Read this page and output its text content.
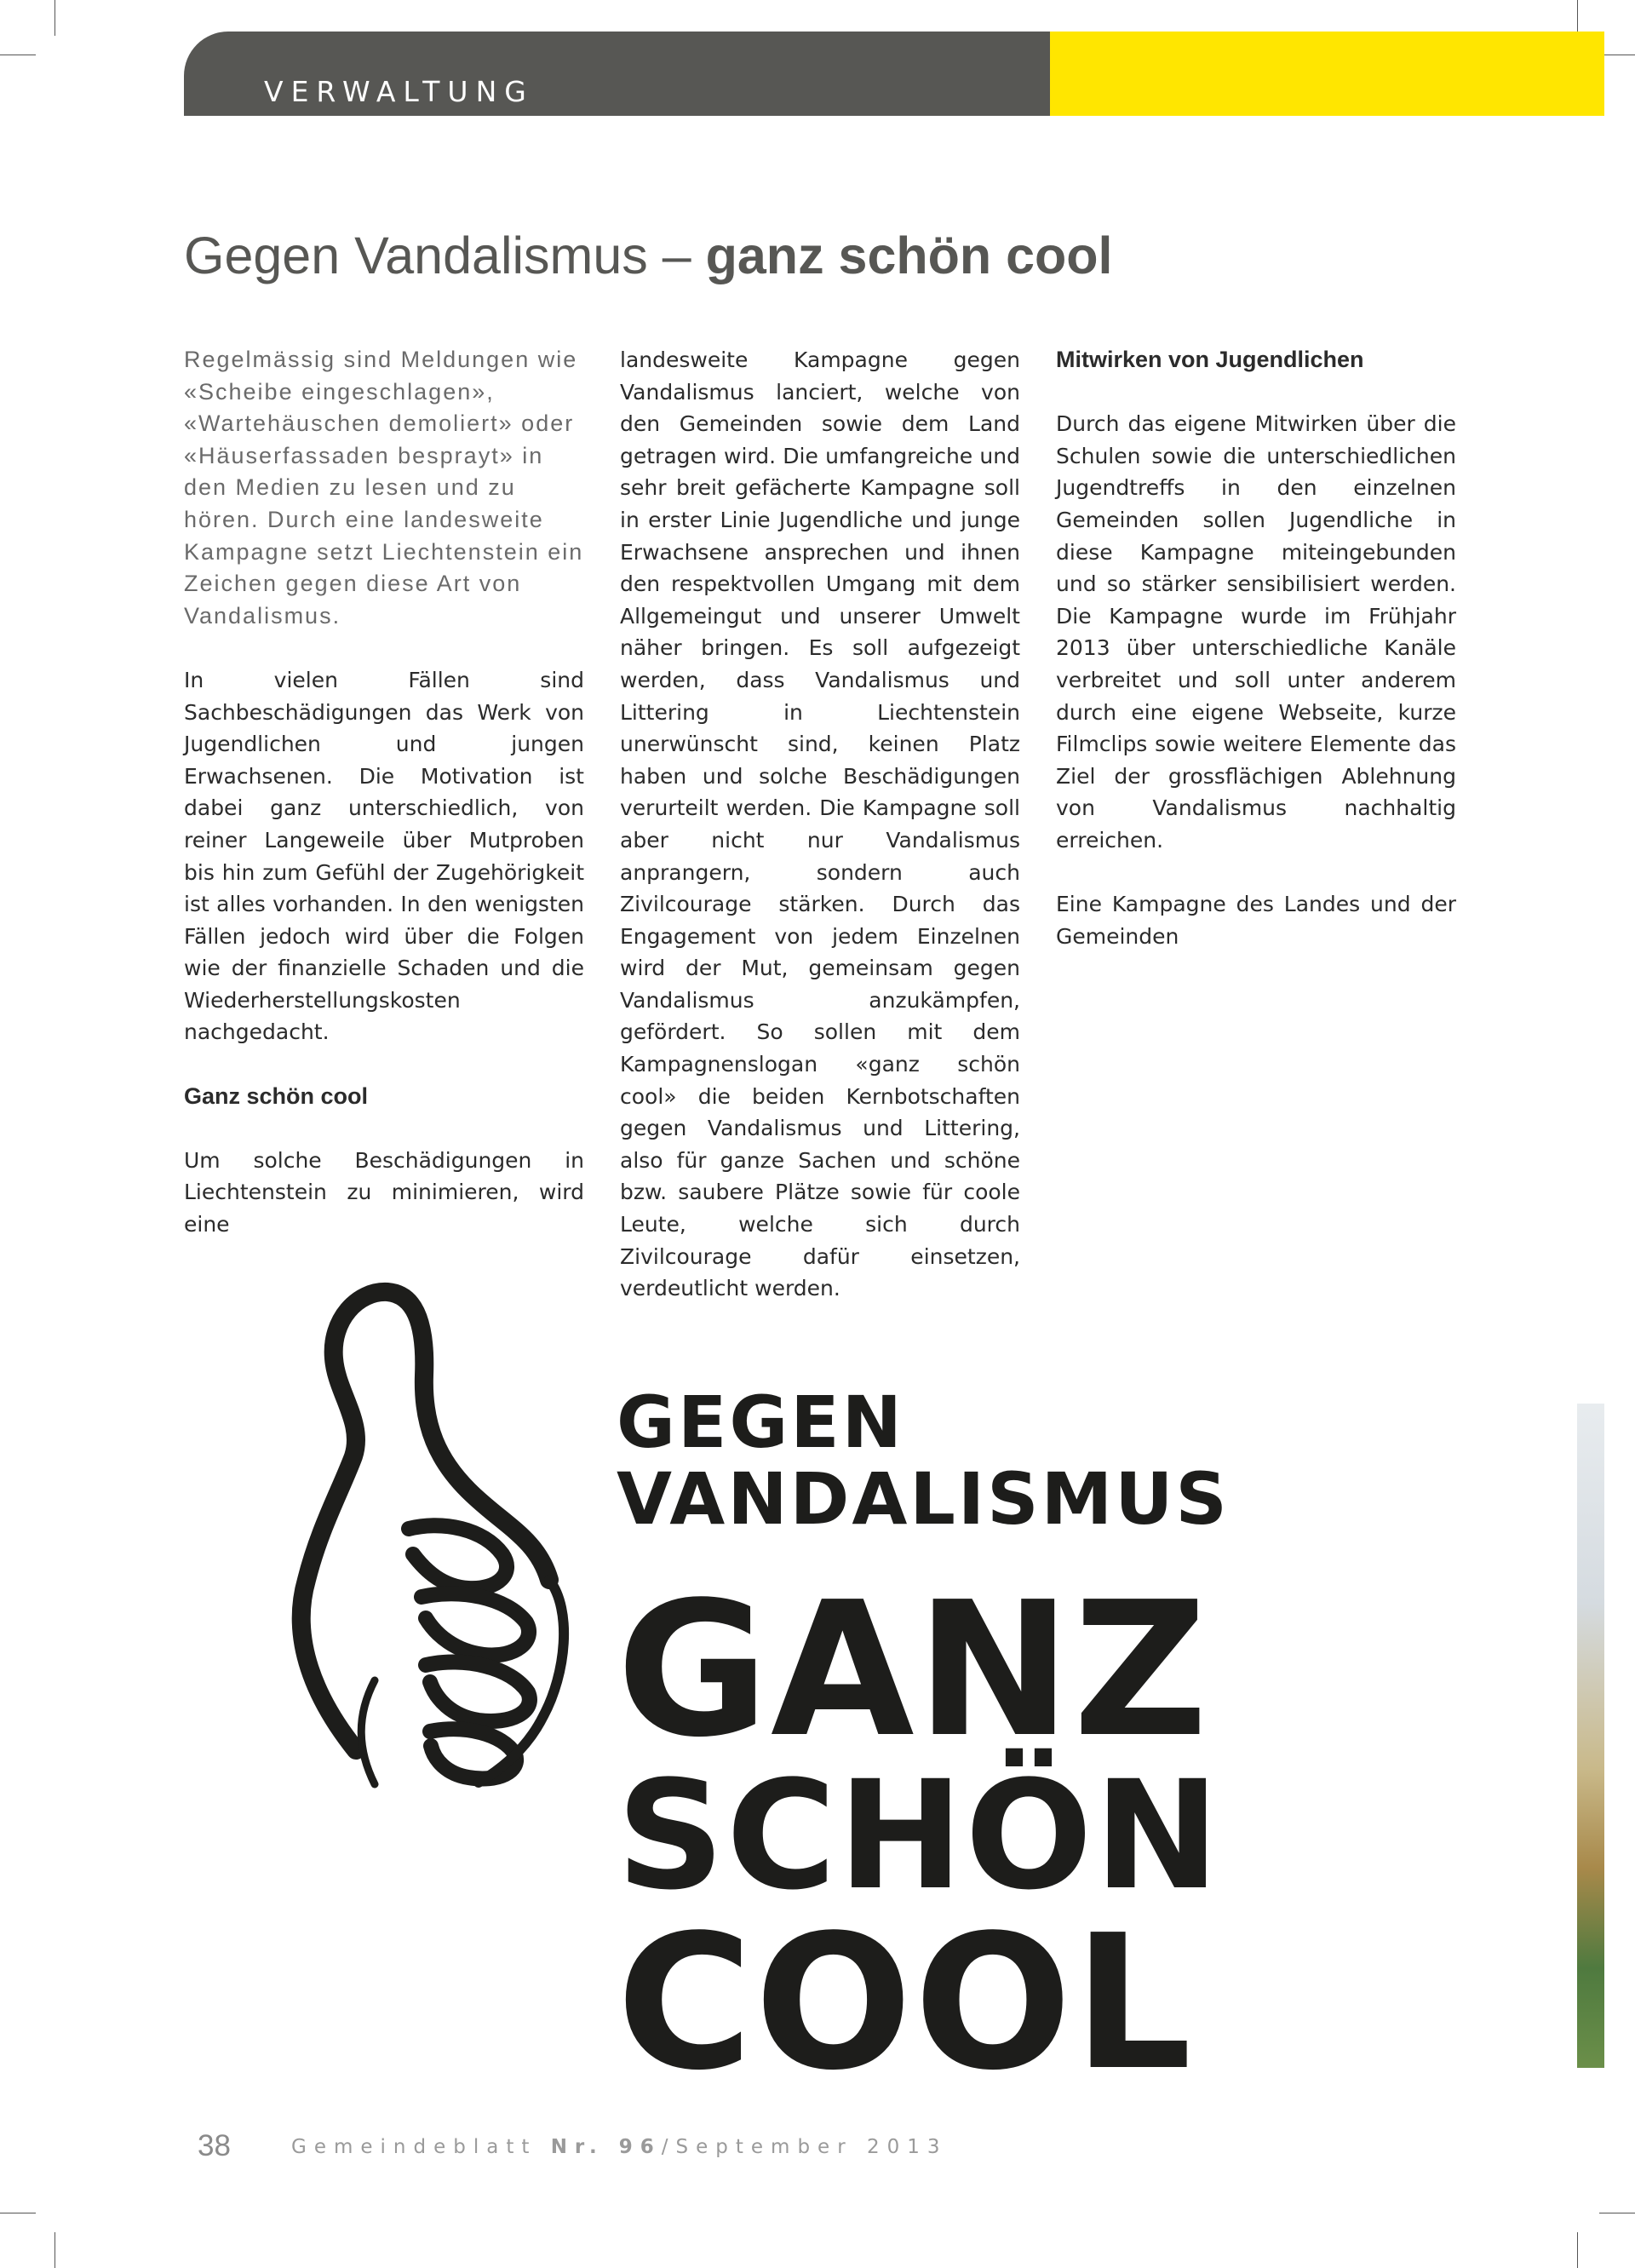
VERWALTUNG
Gegen Vandalismus – ganz schön cool

Regelmässig sind Meldungen wie «Scheibe eingeschlagen», «Wartehäuschen demoliert» oder «Häuserfassaden besprayt» in den Medien zu lesen und zu hören. Durch eine landesweite Kampagne setzt Liechtenstein ein Zeichen gegen diese Art von Vandalismus.

In vielen Fällen sind Sachbeschädigungen das Werk von Jugendlichen und jungen Erwachsenen. Die Motivation ist dabei ganz unterschiedlich, von reiner Langeweile über Mutproben bis hin zum Gefühl der Zugehörigkeit ist alles vorhanden. In den wenigsten Fällen jedoch wird über die Folgen wie der finanzielle Schaden und die Wiederherstellungskosten nachgedacht.

Ganz schön cool

Um solche Beschädigungen in Liechtenstein zu minimieren, wird eine

landesweite Kampagne gegen Vandalismus lanciert, welche von den Gemeinden sowie dem Land getragen wird. Die umfangreiche und sehr breit gefächerte Kampagne soll in erster Linie Jugendliche und junge Erwachsene ansprechen und ihnen den respektvollen Umgang mit dem Allgemeingut und unserer Umwelt näher bringen. Es soll aufgezeigt werden, dass Vandalismus und Littering in Liechtenstein unerwünscht sind, keinen Platz haben und solche Beschädigungen verurteilt werden. Die Kampagne soll aber nicht nur Vandalismus anprangern, sondern auch Zivilcourage stärken. Durch das Engagement von jedem Einzelnen wird der Mut, gemeinsam gegen Vandalismus anzukämpfen, gefördert. So sollen mit dem Kampagnenslogan «ganz schön cool» die beiden Kernbotschaften gegen Vandalismus und Littering, also für ganze Sachen und schöne bzw. saubere Plätze sowie für coole Leute, welche sich durch Zivilcourage dafür einsetzen, verdeutlicht werden.

Mitwirken von Jugendlichen

Durch das eigene Mitwirken über die Schulen sowie die unterschiedlichen Jugendtreffs in den einzelnen Gemeinden sollen Jugendliche in diese Kampagne miteingebunden und so stärker sensibilisiert werden. Die Kampagne wurde im Frühjahr 2013 über unterschiedliche Kanäle verbreitet und soll unter anderem durch eine eigene Webseite, kurze Filmclips sowie weitere Elemente das Ziel der grossflächigen Ablehnung von Vandalismus nachhaltig erreichen.

Eine Kampagne des Landes und der Gemeinden

GEGEN
VANDALISMUS
GANZ
SCHÖN
COOL
38	Gemeindeblatt Nr. 96/September 2013
